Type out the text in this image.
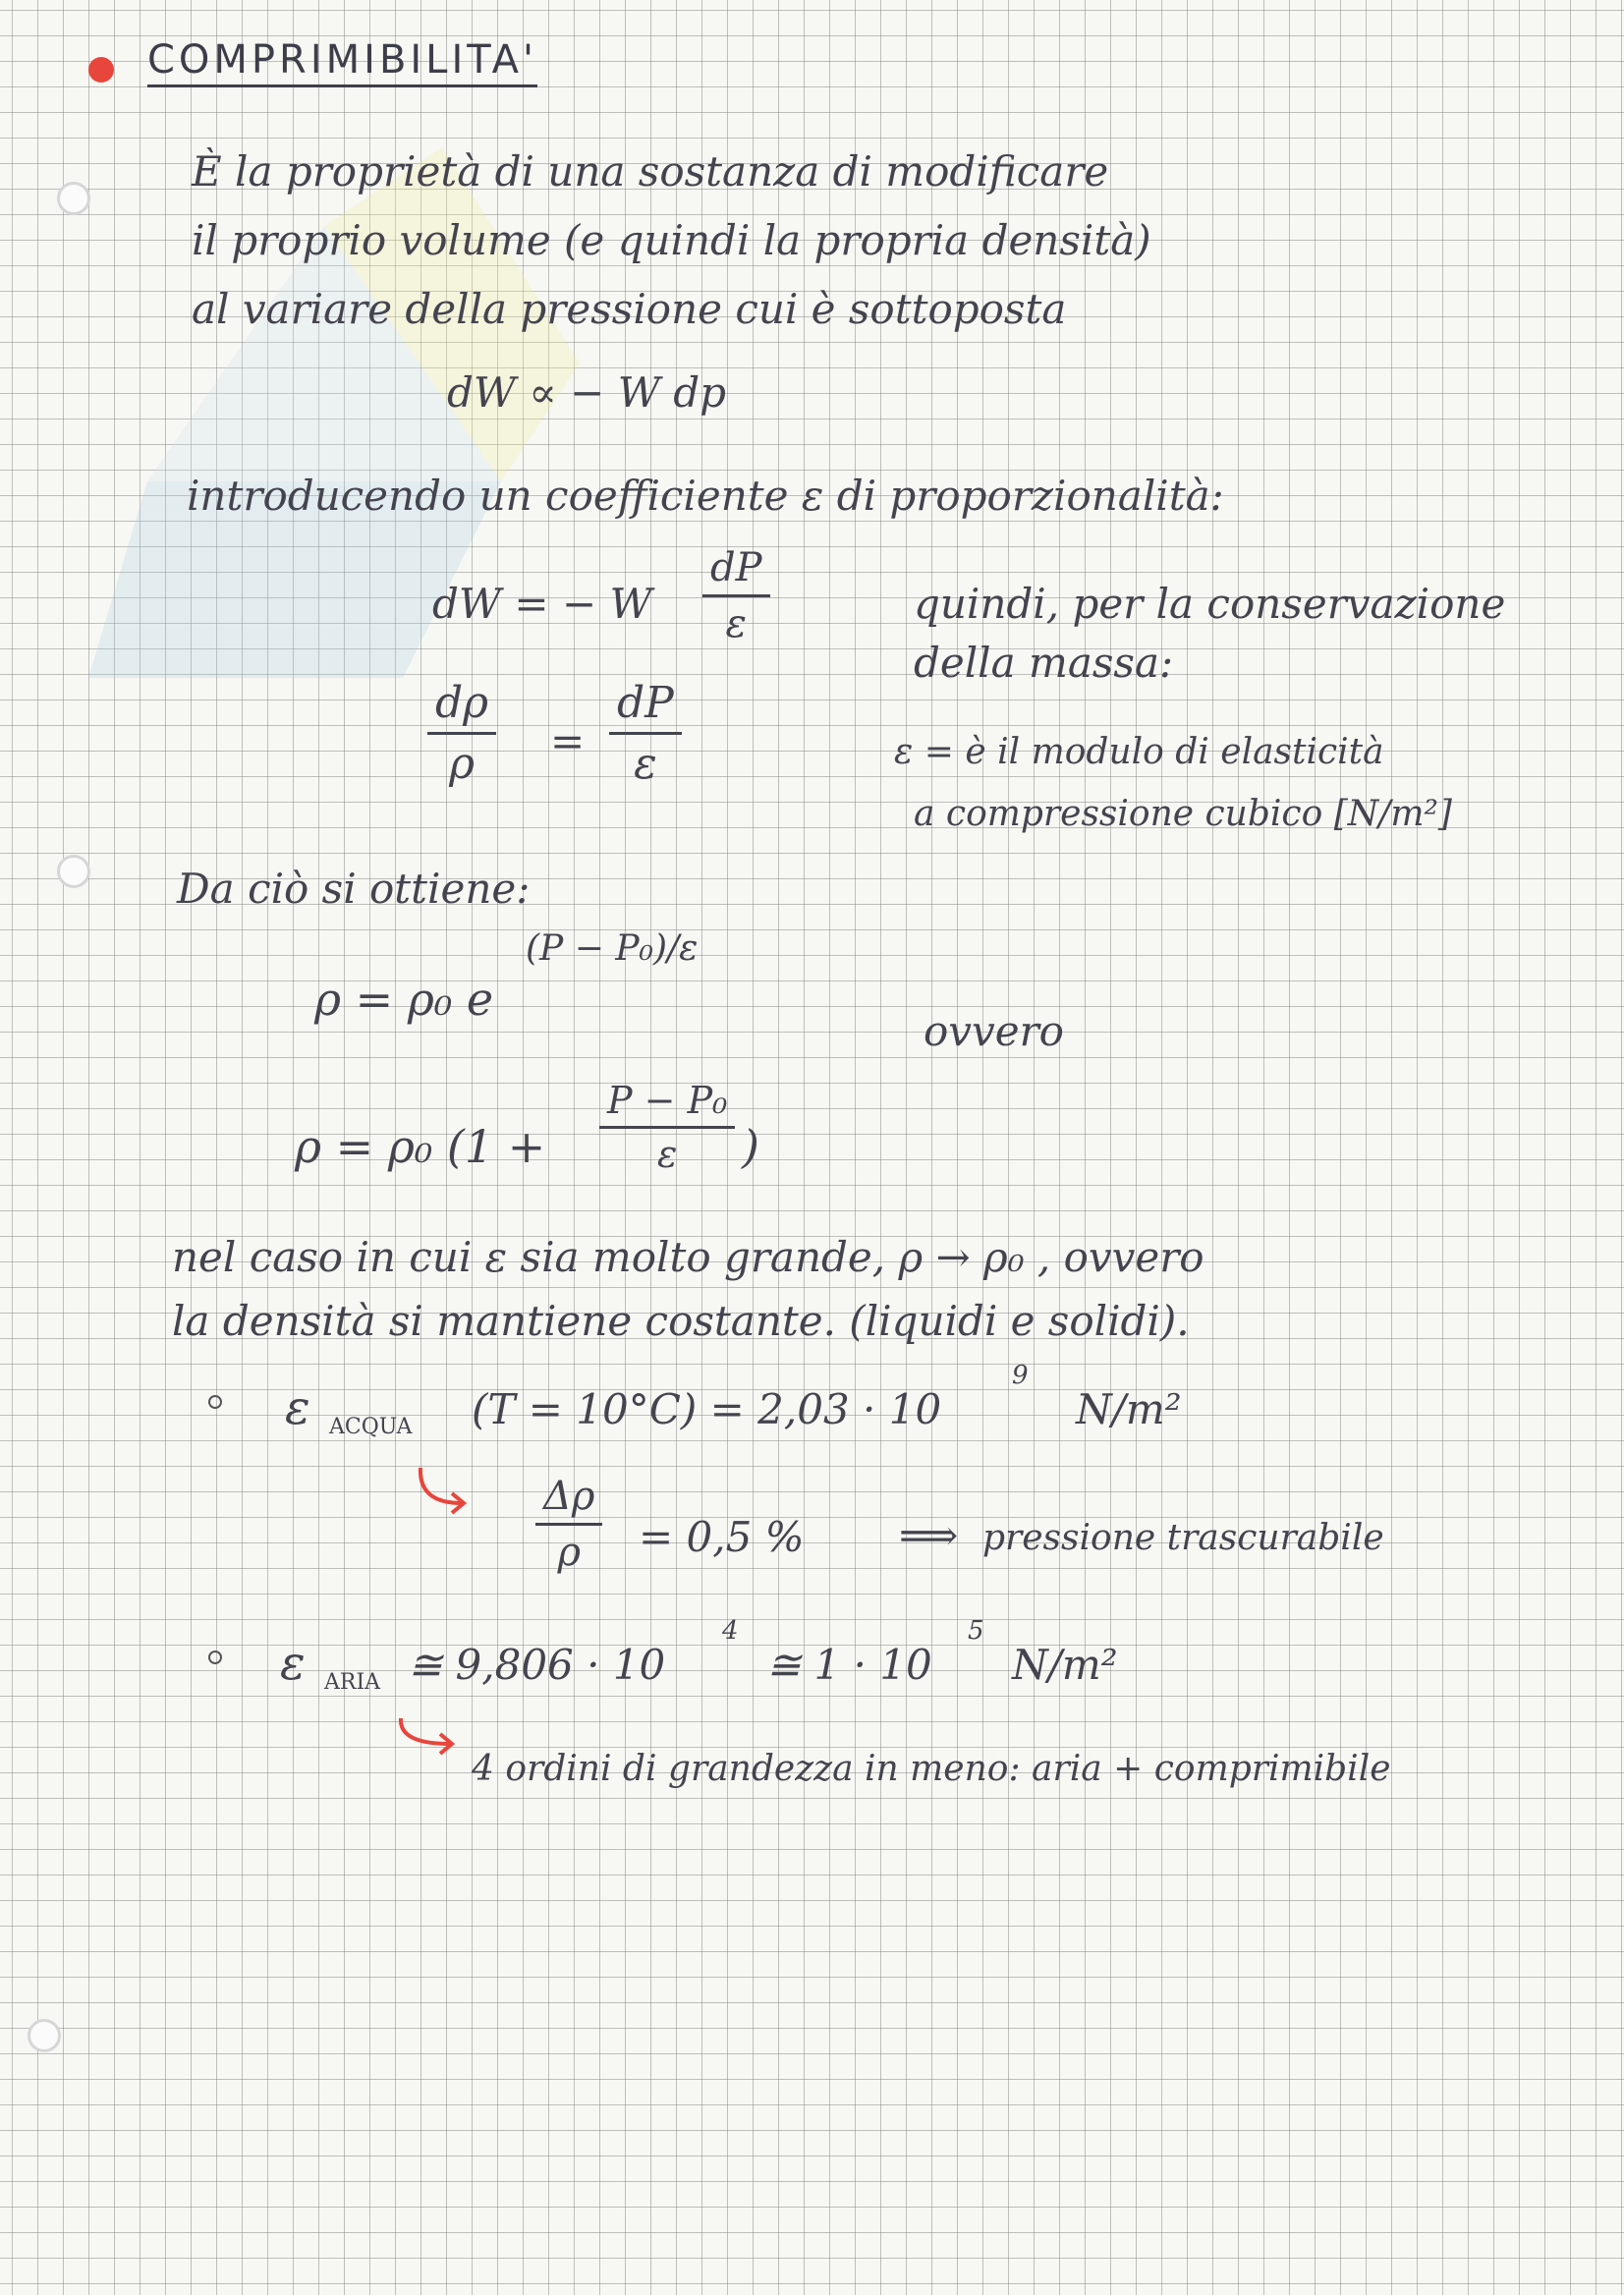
COMPRIMIBILITA'
È la proprietà di una sostanza di modificare
il proprio volume (e quindi la propria densità)
al variare della pressione cui è sottoposta
dW ∝ − W dp
introducendo un coefficiente ε di proporzionalità:
dW = − W
dP
ε	quindi, per la conservazione
della massa:
dρ
ρ	=
dP
ε	ε = è il modulo di elasticità
a compressione cubico [N/m²]
Da ciò si ottiene:
ρ = ρ₀ e
(P − P₀)/ε
ovvero
ρ = ρ₀ (1 +
P − P₀
ε	)
nel caso in cui ε sia molto grande, ρ → ρ₀ , ovvero
la densità si mantiene costante. (liquidi e solidi).
ε ACQUA (T = 10°C) = 2,03 · 10
9
N/m²
Δρ
ρ	= 0,5 % ⟹ pressione trascurabile
ε ARIA ≅ 9,806 · 10
4
≅ 1 · 10
5
N/m²
4 ordini di grandezza in meno: aria + comprimibile
